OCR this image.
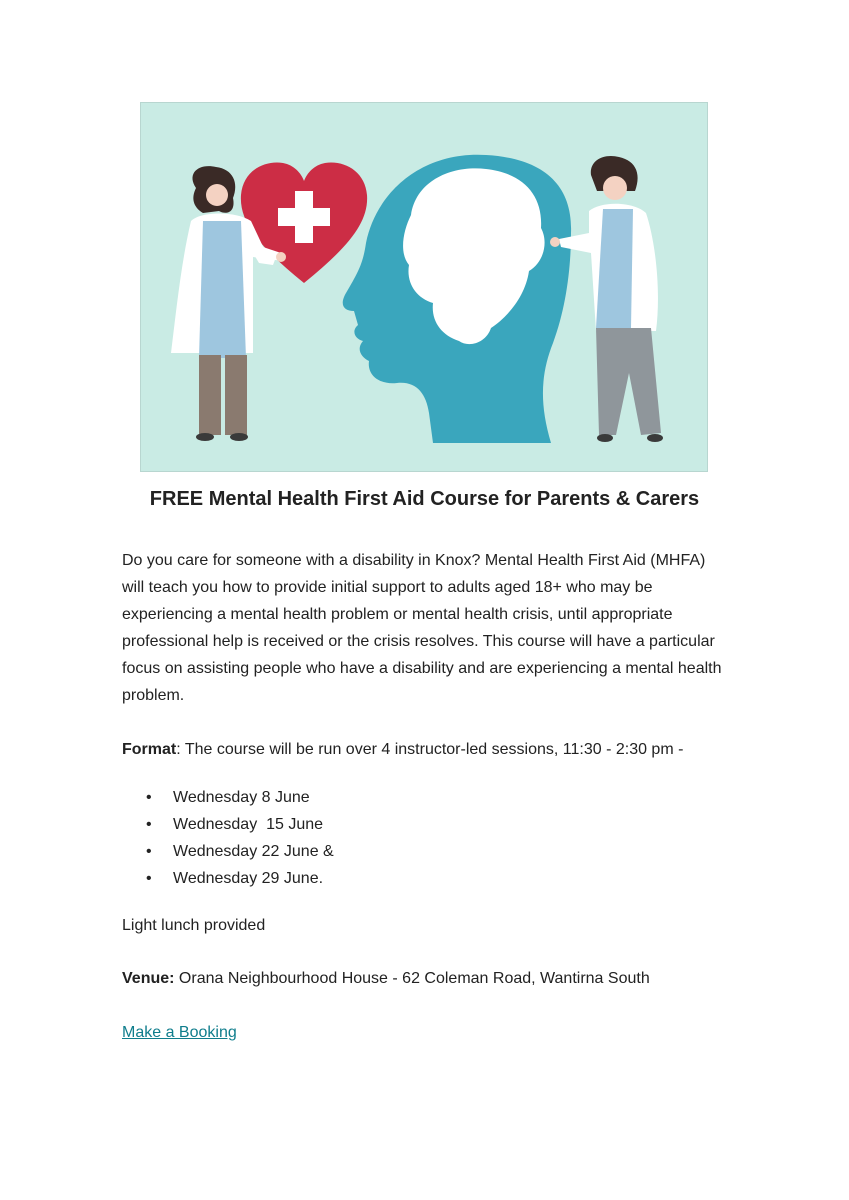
FREE Mental Health First Aid Course for Parents & Carers
Do you care for someone with a disability in Knox? Mental Health First Aid (MHFA) will teach you how to provide initial support to adults aged 18+ who may be experiencing a mental health problem or mental health crisis, until appropriate professional help is received or the crisis resolves. This course will have a particular focus on assisting people who have a disability and are experiencing a mental health problem.
Format: The course will be run over 4 instructor-led sessions, 11:30 - 2:30 pm -
• Wednesday 8 June
• Wednesday  15 June
• Wednesday 22 June &
• Wednesday 29 June.
Light lunch provided
Venue: Orana Neighbourhood House - 62 Coleman Road, Wantirna South
Make a Booking
